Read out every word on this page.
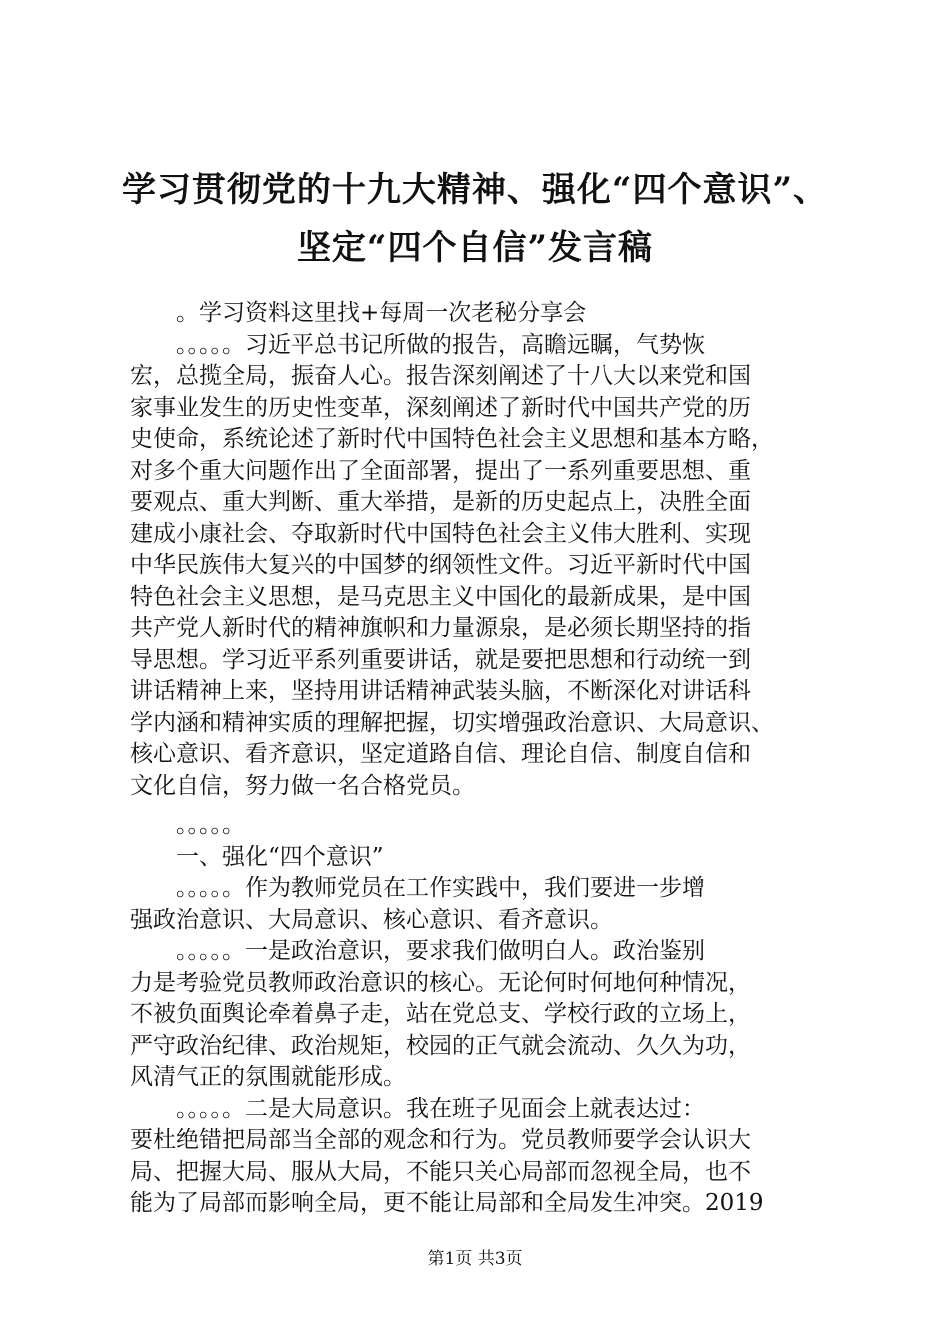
学习贯彻党的十九大精神、强化“四个意识”、
坚定“四个自信”发言稿

。学习资料这里找+每周一次老秘分享会

。。。。。习近平总书记所做的报告，高瞻远瞩，气势恢

宏，总揽全局，振奋人心。报告深刻阐述了十八大以来党和国

家事业发生的历史性变革，深刻阐述了新时代中国共产党的历

史使命，系统论述了新时代中国特色社会主义思想和基本方略，

对多个重大问题作出了全面部署，提出了一系列重要思想、重

要观点、重大判断、重大举措，是新的历史起点上，决胜全面

建成小康社会、夺取新时代中国特色社会主义伟大胜利、实现

中华民族伟大复兴的中国梦的纲领性文件。习近平新时代中国

特色社会主义思想，是马克思主义中国化的最新成果，是中国

共产党人新时代的精神旗帜和力量源泉，是必须长期坚持的指

导思想。学习近平系列重要讲话，就是要把思想和行动统一到

讲话精神上来，坚持用讲话精神武装头脑，不断深化对讲话科

学内涵和精神实质的理解把握，切实增强政治意识、大局意识、

核心意识、看齐意识，坚定道路自信、理论自信、制度自信和

文化自信，努力做一名合格党员。

。。。。。

一、强化“四个意识”

。。。。。作为教师党员在工作实践中，我们要进一步增

强政治意识、大局意识、核心意识、看齐意识。

。。。。。一是政治意识，要求我们做明白人。政治鉴别

力是考验党员教师政治意识的核心。无论何时何地何种情况，

不被负面舆论牵着鼻子走，站在党总支、学校行政的立场上，

严守政治纪律、政治规矩，校园的正气就会流动、久久为功，

风清气正的氛围就能形成。

。。。。。二是大局意识。我在班子见面会上就表达过：

要杜绝错把局部当全部的观念和行为。党员教师要学会认识大

局、把握大局、服从大局，不能只关心局部而忽视全局，也不

能为了局部而影响全局，更不能让局部和全局发生冲突。2019

第1页 共3页
